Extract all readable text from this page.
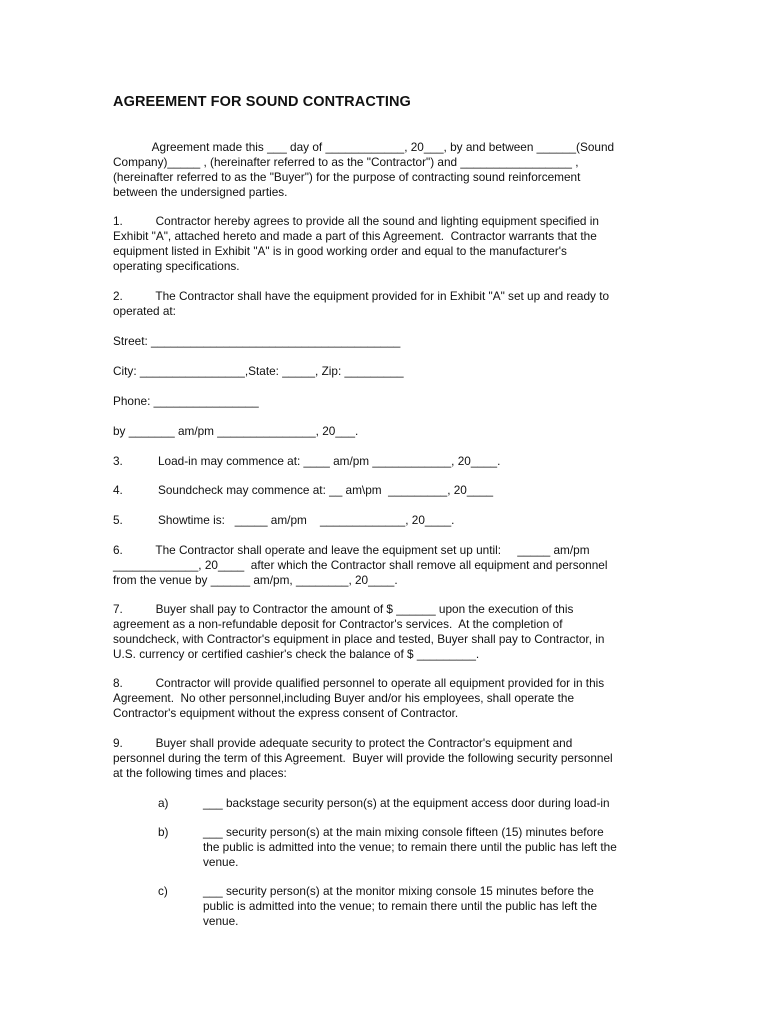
AGREEMENT FOR SOUND CONTRACTING
Agreement made this ___ day of ____________, 20___, by and between ______(Sound
Company)_____ , (hereinafter referred to as the "Contractor") and _________________ ,
(hereinafter referred to as the "Buyer") for the purpose of contracting sound reinforcement
between the undersigned parties.
1.          Contractor hereby agrees to provide all the sound and lighting equipment specified in
Exhibit "A", attached hereto and made a part of this Agreement.  Contractor warrants that the
equipment listed in Exhibit "A" is in good working order and equal to the manufacturer's
operating specifications.
2.          The Contractor shall have the equipment provided for in Exhibit "A" set up and ready to
operated at:
Street: ______________________________________
City: ________________,State: _____, Zip: _________
Phone: ________________
by _______ am/pm _______________, 20___.
3.	Load-in may commence at: ____ am/pm ____________, 20____.
4.	Soundcheck may commence at: __ am\pm  _________, 20____
5.	Showtime is:   _____ am/pm    _____________, 20____.
6.          The Contractor shall operate and leave the equipment set up until:     _____ am/pm
_____________, 20____  after which the Contractor shall remove all equipment and personnel
from the venue by ______ am/pm, ________, 20____.
7.          Buyer shall pay to Contractor the amount of $ ______ upon the execution of this
agreement as a non-refundable deposit for Contractor's services.  At the completion of
soundcheck, with Contractor's equipment in place and tested, Buyer shall pay to Contractor, in
U.S. currency or certified cashier's check the balance of $ _________.
8.          Contractor will provide qualified personnel to operate all equipment provided for in this
Agreement.  No other personnel,including Buyer and/or his employees, shall operate the
Contractor's equipment without the express consent of Contractor.
9.          Buyer shall provide adequate security to protect the Contractor's equipment and
personnel during the term of this Agreement.  Buyer will provide the following security personnel
at the following times and places:
a)	___ backstage security person(s) at the equipment access door during load-in
b)	___ security person(s) at the main mixing console fifteen (15) minutes before
the public is admitted into the venue; to remain there until the public has left the
venue.
c)	___ security person(s) at the monitor mixing console 15 minutes before the
public is admitted into the venue; to remain there until the public has left the
venue.
